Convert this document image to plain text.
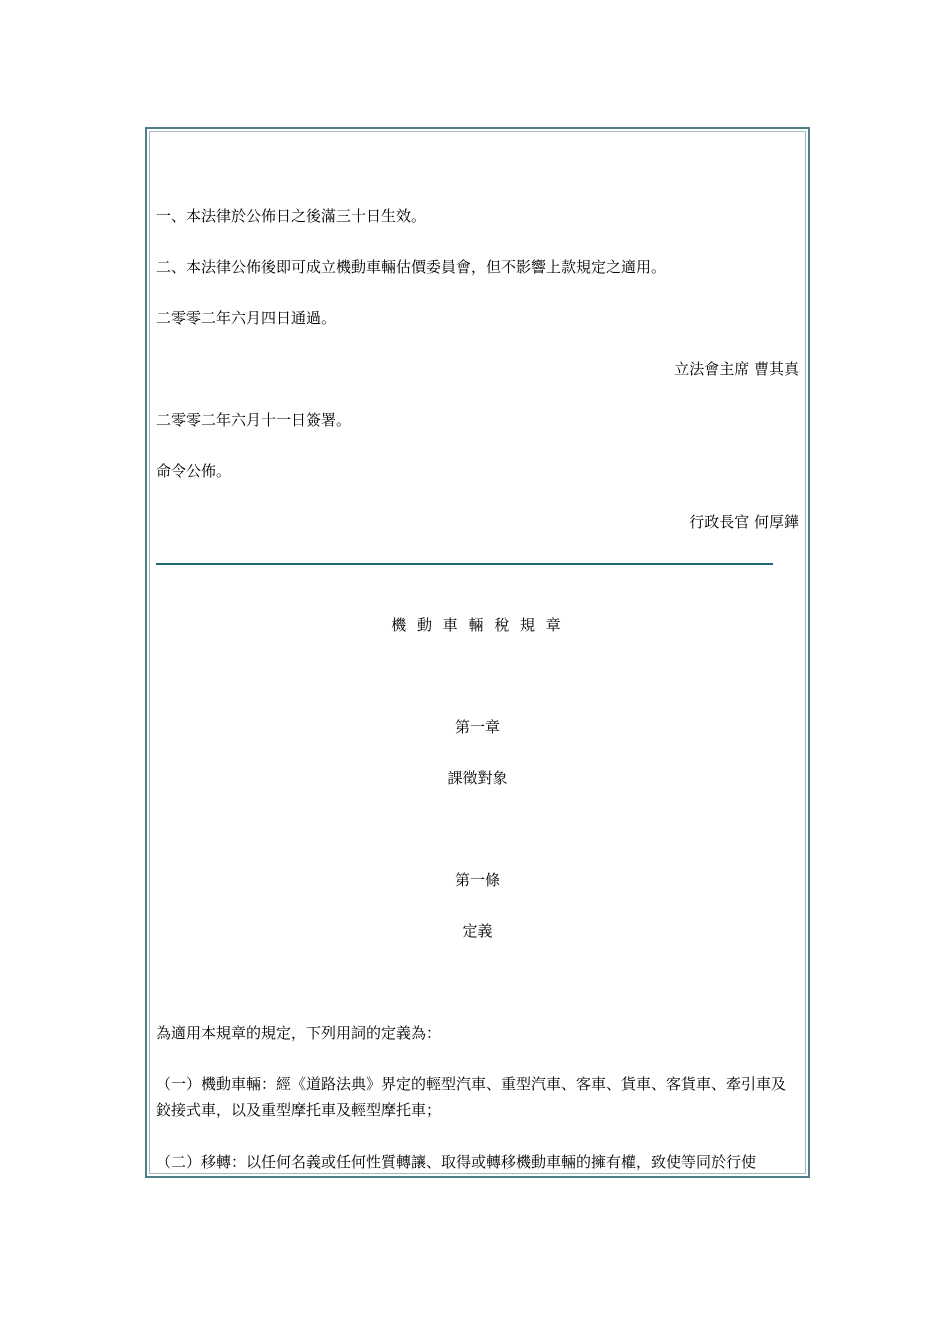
一、本法律於公佈日之後滿三十日生效。
二、本法律公佈後即可成立機動車輛估價委員會，但不影響上款規定之適用。
二零零二年六月四日通過。
立法會主席 曹其真
二零零二年六月十一日簽署。
命令公佈。
行政長官 何厚鏵
機 動 車 輛 稅 規 章
第一章
課徵對象
第一條
定義
為適用本規章的規定，下列用詞的定義為：
（一）機動車輛：經《道路法典》界定的輕型汽車、重型汽車、客車、貨車、客貨車、牽引車及鉸接式車，以及重型摩托車及輕型摩托車；
（二）移轉：以任何名義或任何性質轉讓、取得或轉移機動車輛的擁有權，致使等同於行使
